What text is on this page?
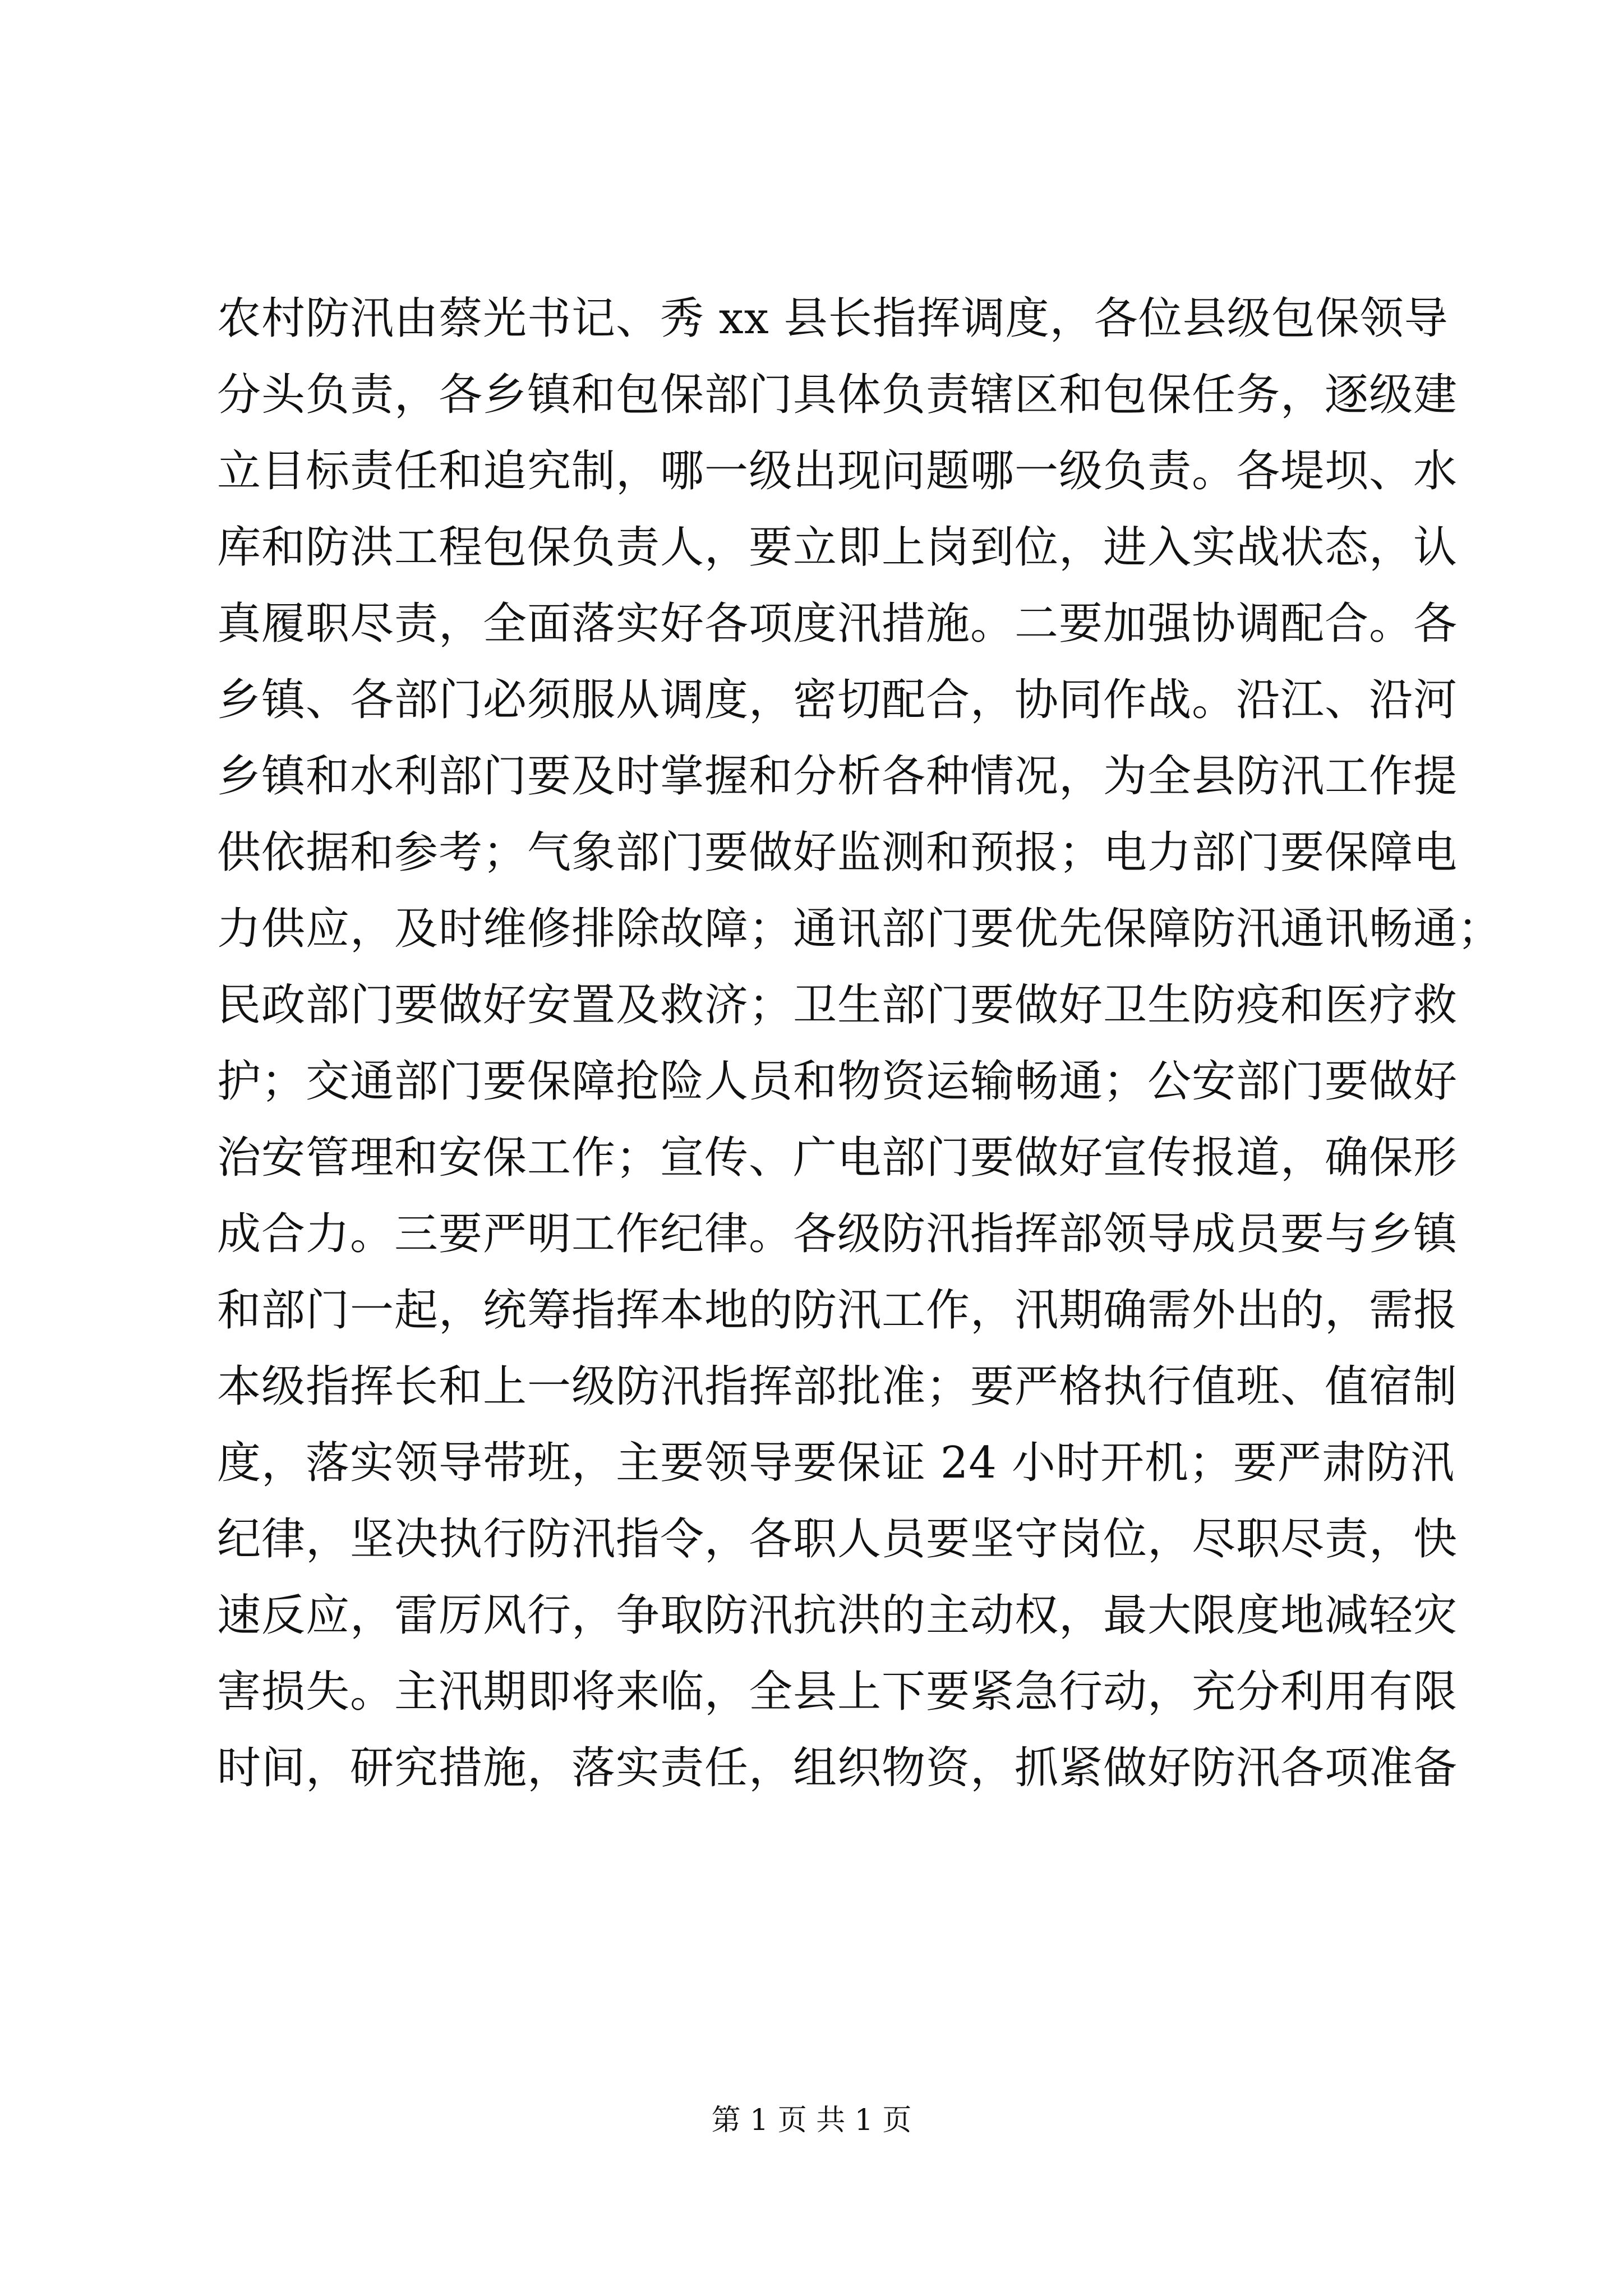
农村防汛由蔡光书记、秀 xx 县长指挥调度，各位县级包保领导
分头负责，各乡镇和包保部门具体负责辖区和包保任务，逐级建
立目标责任和追究制，哪一级出现问题哪一级负责。各堤坝、水
库和防洪工程包保负责人，要立即上岗到位，进入实战状态，认
真履职尽责，全面落实好各项度汛措施。二要加强协调配合。各
乡镇、各部门必须服从调度，密切配合，协同作战。沿江、沿河
乡镇和水利部门要及时掌握和分析各种情况，为全县防汛工作提
供依据和参考；气象部门要做好监测和预报；电力部门要保障电
力供应，及时维修排除故障；通讯部门要优先保障防汛通讯畅通；
民政部门要做好安置及救济；卫生部门要做好卫生防疫和医疗救
护；交通部门要保障抢险人员和物资运输畅通；公安部门要做好
治安管理和安保工作；宣传、广电部门要做好宣传报道，确保形
成合力。三要严明工作纪律。各级防汛指挥部领导成员要与乡镇
和部门一起，统筹指挥本地的防汛工作，汛期确需外出的，需报
本级指挥长和上一级防汛指挥部批准；要严格执行值班、值宿制
度，落实领导带班，主要领导要保证 24 小时开机；要严肃防汛
纪律，坚决执行防汛指令，各职人员要坚守岗位，尽职尽责，快
速反应，雷厉风行，争取防汛抗洪的主动权，最大限度地减轻灾
害损失。主汛期即将来临，全县上下要紧急行动，充分利用有限
时间，研究措施，落实责任，组织物资，抓紧做好防汛各项准备
第 1 页 共 1 页
